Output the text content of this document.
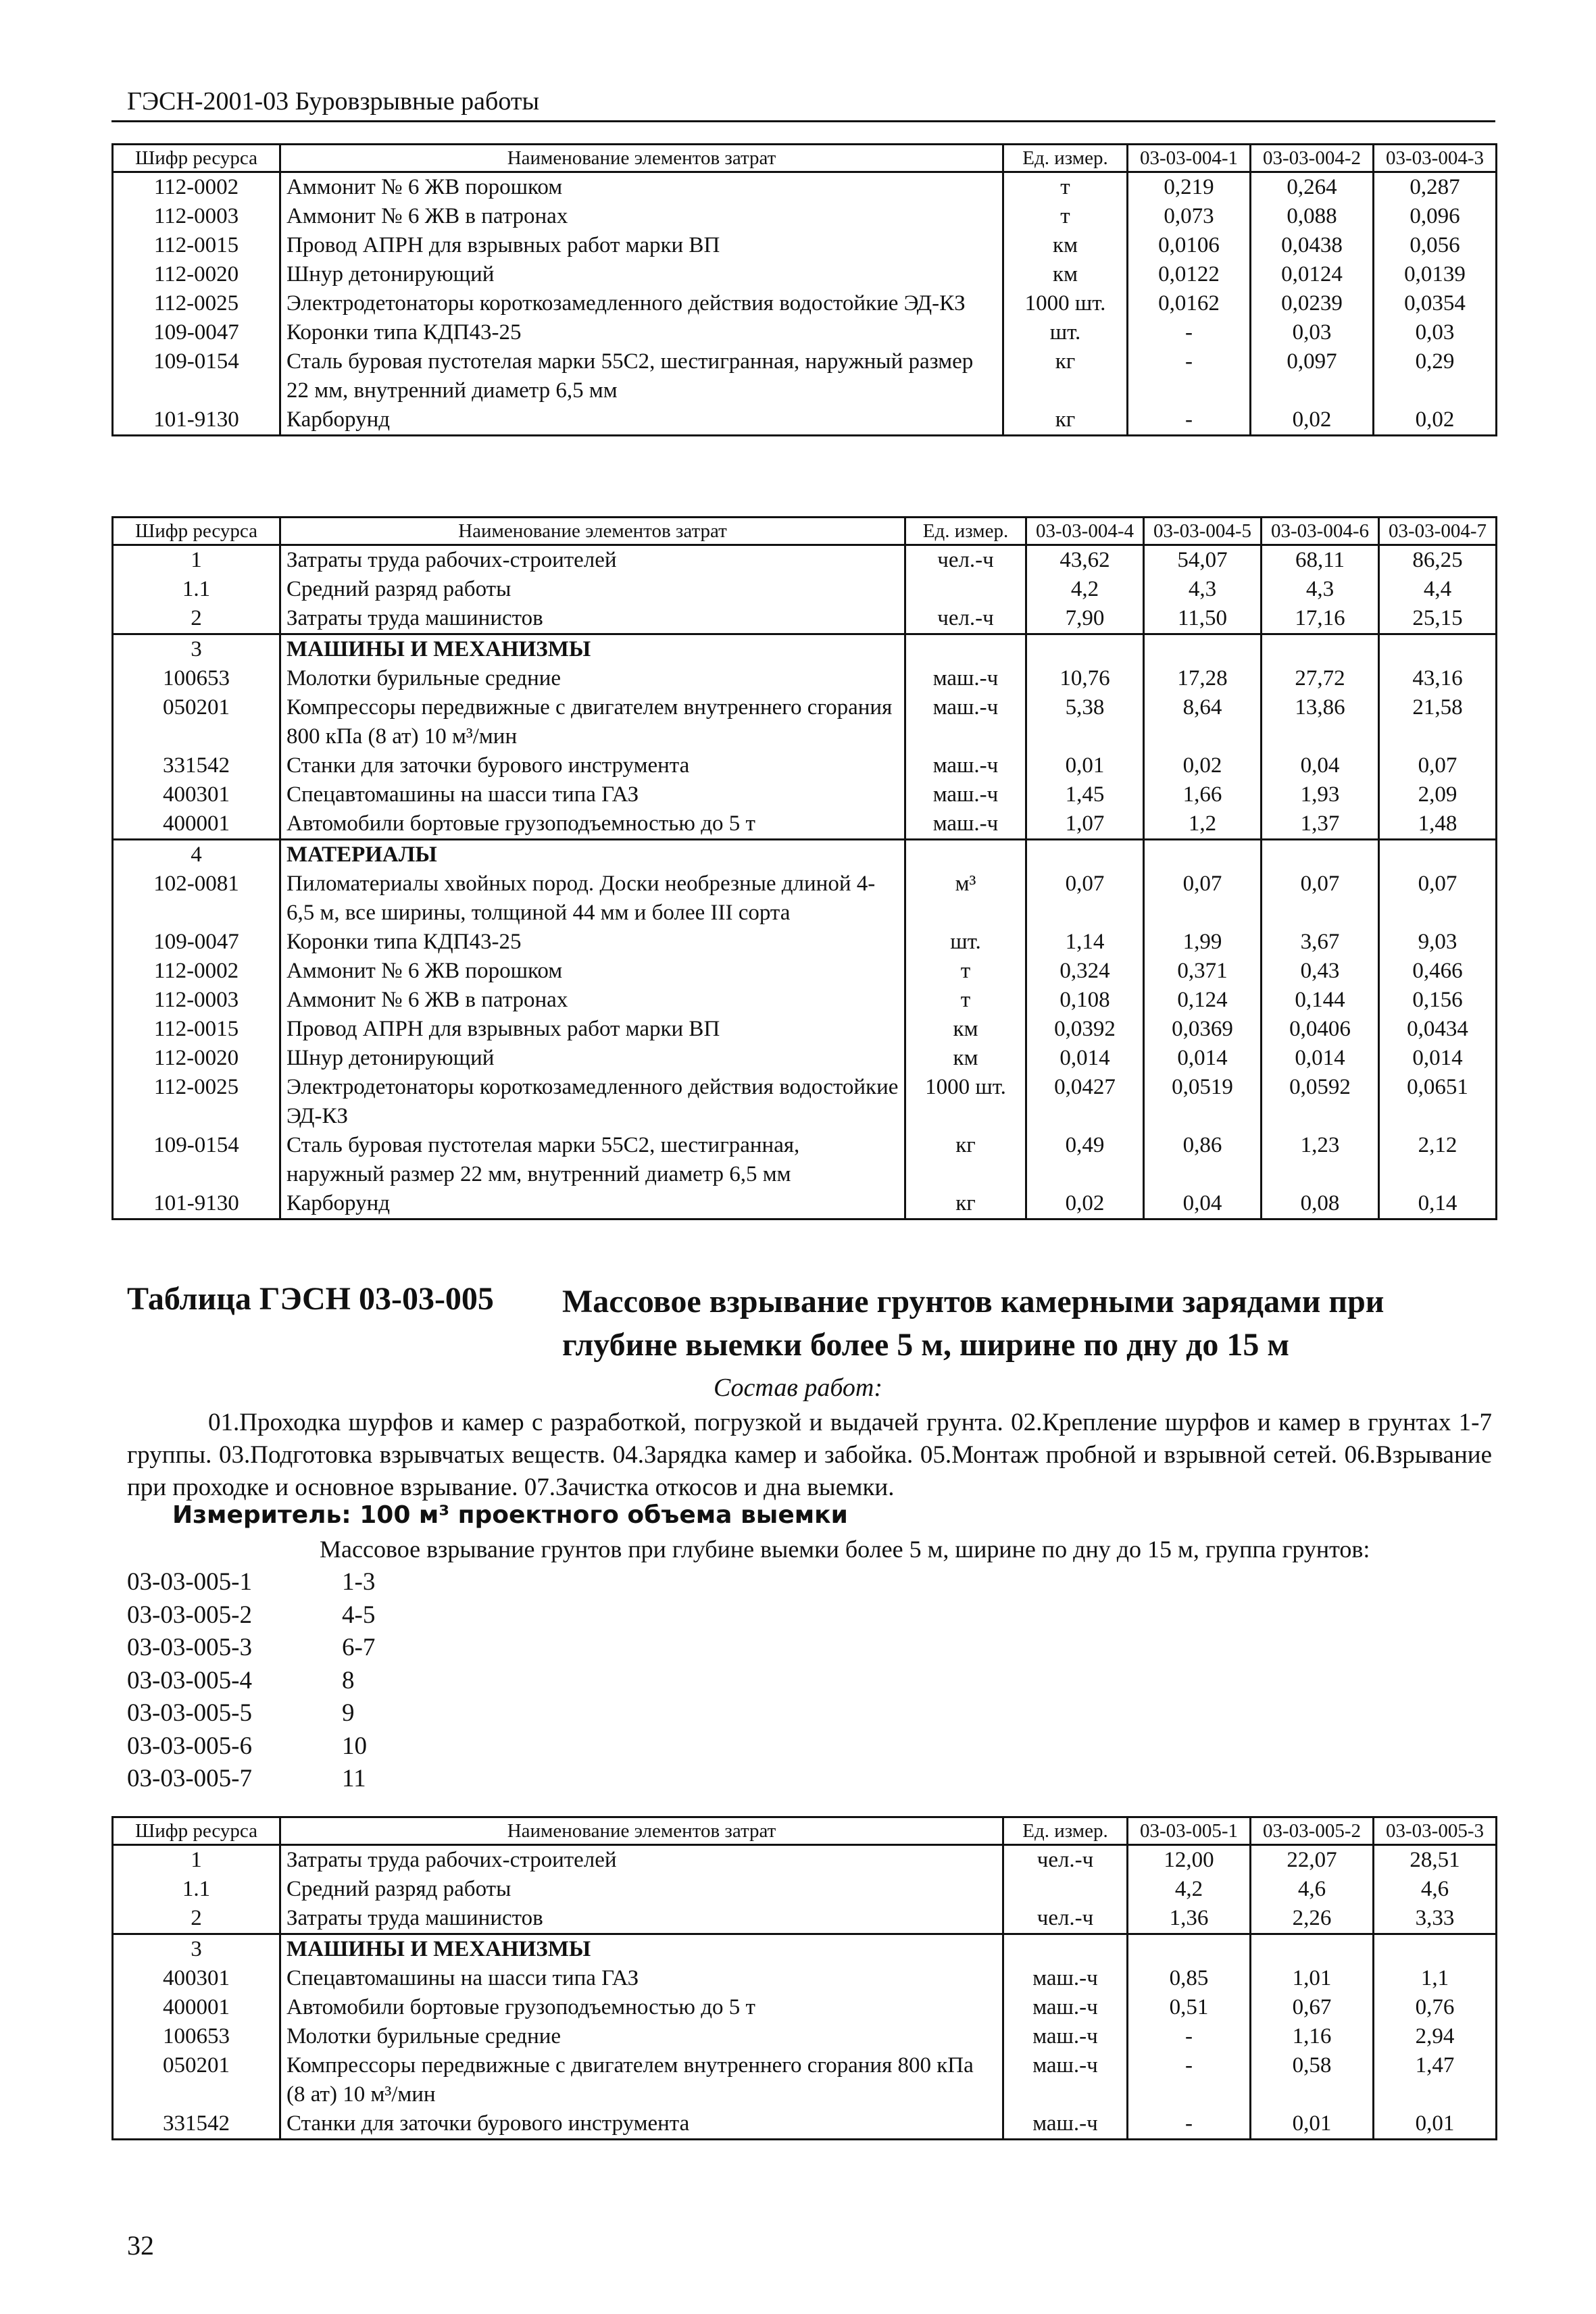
ГЭСН-2001-03 Буровзрывные работы
Шифр ресурса	Наименование элементов затрат	Ед. измер.	03-03-004-1	03-03-004-2	03-03-004-3
112-0002	Аммонит № 6 ЖВ порошком	т	0,219	0,264	0,287
112-0003	Аммонит № 6 ЖВ в патронах	т	0,073	0,088	0,096
112-0015	Провод АПРН для взрывных работ марки ВП	км	0,0106	0,0438	0,056
112-0020	Шнур детонирующий	км	0,0122	0,0124	0,0139
112-0025	Электродетонаторы короткозамедленного действия водостойкие ЭД-КЗ	1000 шт.	0,0162	0,0239	0,0354
109-0047	Коронки типа КДП43-25	шт.	-	0,03	0,03
109-0154	Сталь буровая пустотелая марки 55С2, шестигранная, наружный размер 22 мм, внутренний диаметр 6,5 мм	кг	-	0,097	0,29
101-9130	Карборунд	кг	-	0,02	0,02
Шифр ресурса	Наименование элементов затрат	Ед. измер.	03-03-004-4	03-03-004-5	03-03-004-6	03-03-004-7
1	Затраты труда рабочих-строителей	чел.-ч	43,62	54,07	68,11	86,25
1.1	Средний разряд работы		4,2	4,3	4,3	4,4
2	Затраты труда машинистов	чел.-ч	7,90	11,50	17,16	25,15
3	МАШИНЫ И МЕХАНИЗМЫ					
100653	Молотки бурильные средние	маш.-ч	10,76	17,28	27,72	43,16
050201	Компрессоры передвижные с двигателем внутреннего сгорания 800 кПа (8 ат) 10 м³/мин	маш.-ч	5,38	8,64	13,86	21,58
331542	Станки для заточки бурового инструмента	маш.-ч	0,01	0,02	0,04	0,07
400301	Спецавтомашины на шасси типа ГАЗ	маш.-ч	1,45	1,66	1,93	2,09
400001	Автомобили бортовые грузоподъемностью до 5 т	маш.-ч	1,07	1,2	1,37	1,48
4	МАТЕРИАЛЫ					
102-0081	Пиломатериалы хвойных пород. Доски необрезные длиной 4-6,5 м, все ширины, толщиной 44 мм и более III сорта	м³	0,07	0,07	0,07	0,07
109-0047	Коронки типа КДП43-25	шт.	1,14	1,99	3,67	9,03
112-0002	Аммонит № 6 ЖВ порошком	т	0,324	0,371	0,43	0,466
112-0003	Аммонит № 6 ЖВ в патронах	т	0,108	0,124	0,144	0,156
112-0015	Провод АПРН для взрывных работ марки ВП	км	0,0392	0,0369	0,0406	0,0434
112-0020	Шнур детонирующий	км	0,014	0,014	0,014	0,014
112-0025	Электродетонаторы короткозамедленного действия водостойкие ЭД-КЗ	1000 шт.	0,0427	0,0519	0,0592	0,0651
109-0154	Сталь буровая пустотелая марки 55С2, шестигранная, наружный размер 22 мм, внутренний диаметр 6,5 мм	кг	0,49	0,86	1,23	2,12
101-9130	Карборунд	кг	0,02	0,04	0,08	0,14
Таблица ГЭСН 03-03-005 Массовое взрывание грунтов камерными зарядами при глубине выемки более 5 м, ширине по дну до 15 м
Состав работ:
01.Проходка шурфов и камер с разработкой, погрузкой и выдачей грунта. 02.Крепление шурфов и камер в грунтах 1-7 группы. 03.Подготовка взрывчатых веществ. 04.Зарядка камер и забойка. 05.Монтаж пробной и взрывной сетей. 06.Взрывание при проходке и основное взрывание. 07.Зачистка откосов и дна выемки.
Измеритель: 100 м³ проектного объема выемки
Массовое взрывание грунтов при глубине выемки более 5 м, ширине по дну до 15 м, группа грунтов:
03-03-005-1	1-3
03-03-005-2	4-5
03-03-005-3	6-7
03-03-005-4	8
03-03-005-5	9
03-03-005-6	10
03-03-005-7	11
Шифр ресурса	Наименование элементов затрат	Ед. измер.	03-03-005-1	03-03-005-2	03-03-005-3
1	Затраты труда рабочих-строителей	чел.-ч	12,00	22,07	28,51
1.1	Средний разряд работы		4,2	4,6	4,6
2	Затраты труда машинистов	чел.-ч	1,36	2,26	3,33
3	МАШИНЫ И МЕХАНИЗМЫ				
400301	Спецавтомашины на шасси типа ГАЗ	маш.-ч	0,85	1,01	1,1
400001	Автомобили бортовые грузоподъемностью до 5 т	маш.-ч	0,51	0,67	0,76
100653	Молотки бурильные средние	маш.-ч	-	1,16	2,94
050201	Компрессоры передвижные с двигателем внутреннего сгорания 800 кПа (8 ат) 10 м³/мин	маш.-ч	-	0,58	1,47
331542	Станки для заточки бурового инструмента	маш.-ч	-	0,01	0,01
32
